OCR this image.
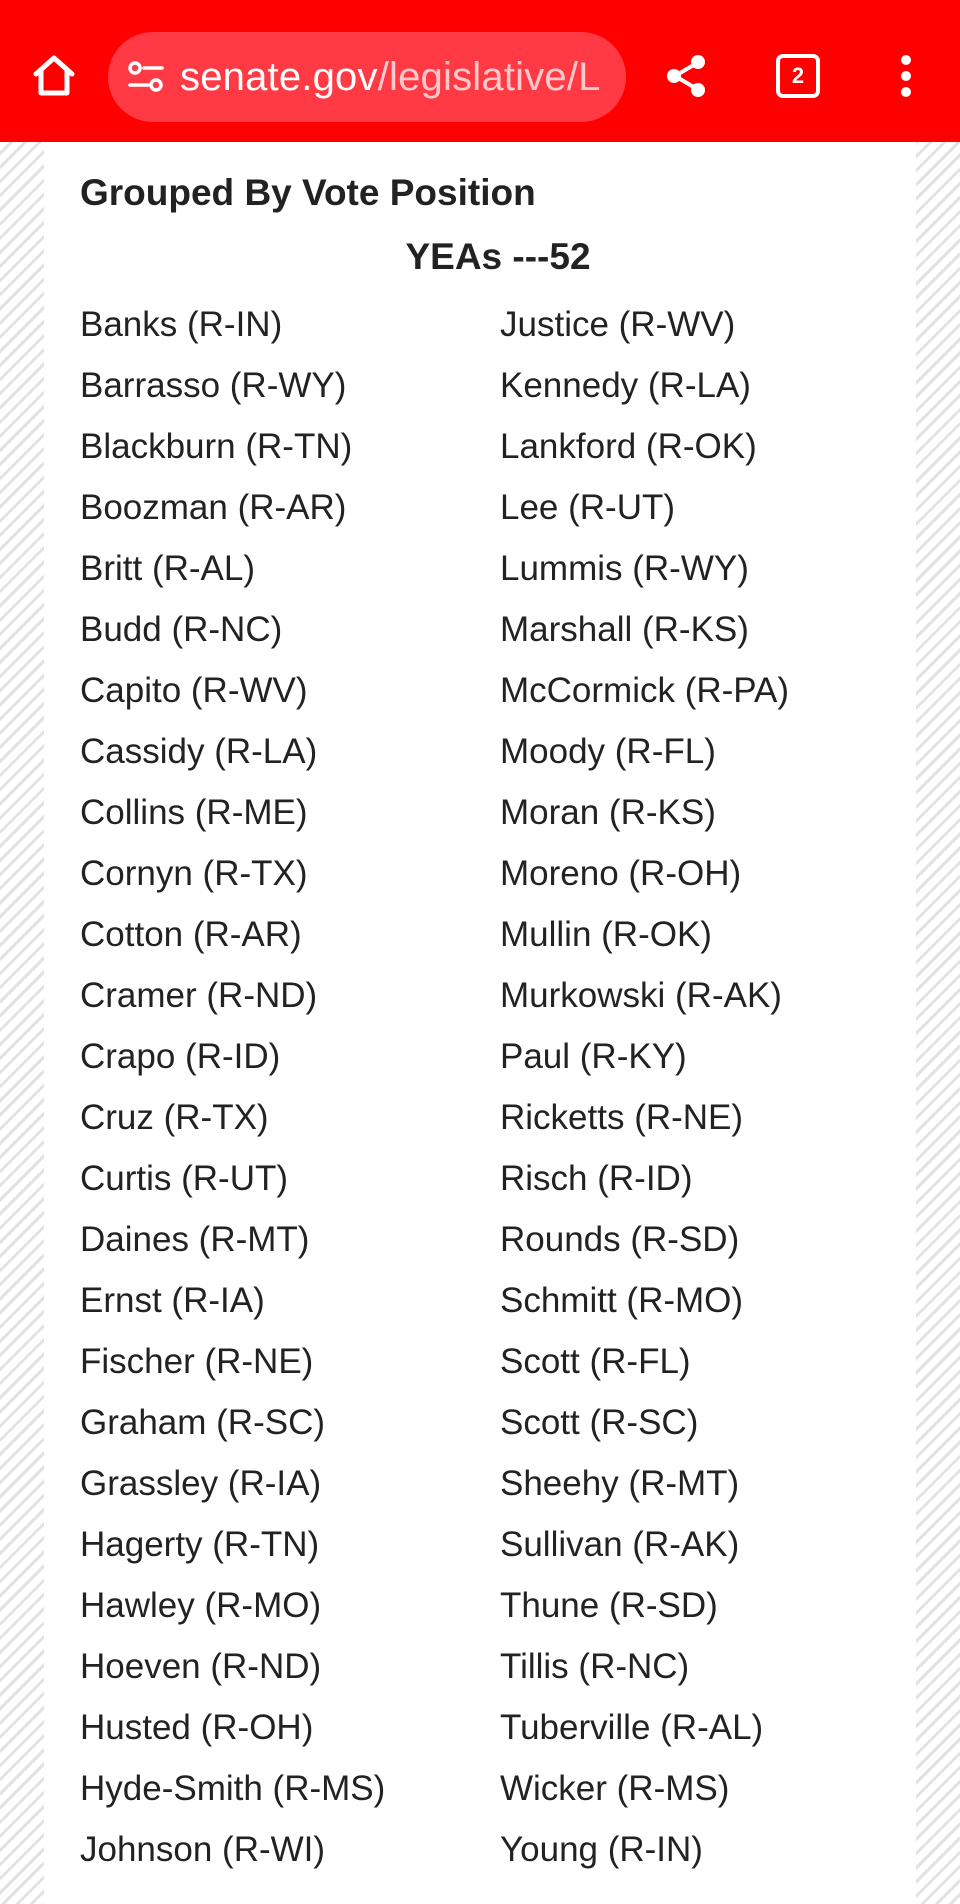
senate.gov/legislative/L	2
Grouped By Vote Position
YEAs ---52
Banks (R-IN)	Justice (R-WV)
Barrasso (R-WY)	Kennedy (R-LA)
Blackburn (R-TN)	Lankford (R-OK)
Boozman (R-AR)	Lee (R-UT)
Britt (R-AL)	Lummis (R-WY)
Budd (R-NC)	Marshall (R-KS)
Capito (R-WV)	McCormick (R-PA)
Cassidy (R-LA)	Moody (R-FL)
Collins (R-ME)	Moran (R-KS)
Cornyn (R-TX)	Moreno (R-OH)
Cotton (R-AR)	Mullin (R-OK)
Cramer (R-ND)	Murkowski (R-AK)
Crapo (R-ID)	Paul (R-KY)
Cruz (R-TX)	Ricketts (R-NE)
Curtis (R-UT)	Risch (R-ID)
Daines (R-MT)	Rounds (R-SD)
Ernst (R-IA)	Schmitt (R-MO)
Fischer (R-NE)	Scott (R-FL)
Graham (R-SC)	Scott (R-SC)
Grassley (R-IA)	Sheehy (R-MT)
Hagerty (R-TN)	Sullivan (R-AK)
Hawley (R-MO)	Thune (R-SD)
Hoeven (R-ND)	Tillis (R-NC)
Husted (R-OH)	Tuberville (R-AL)
Hyde-Smith (R-MS)	Wicker (R-MS)
Johnson (R-WI)	Young (R-IN)
